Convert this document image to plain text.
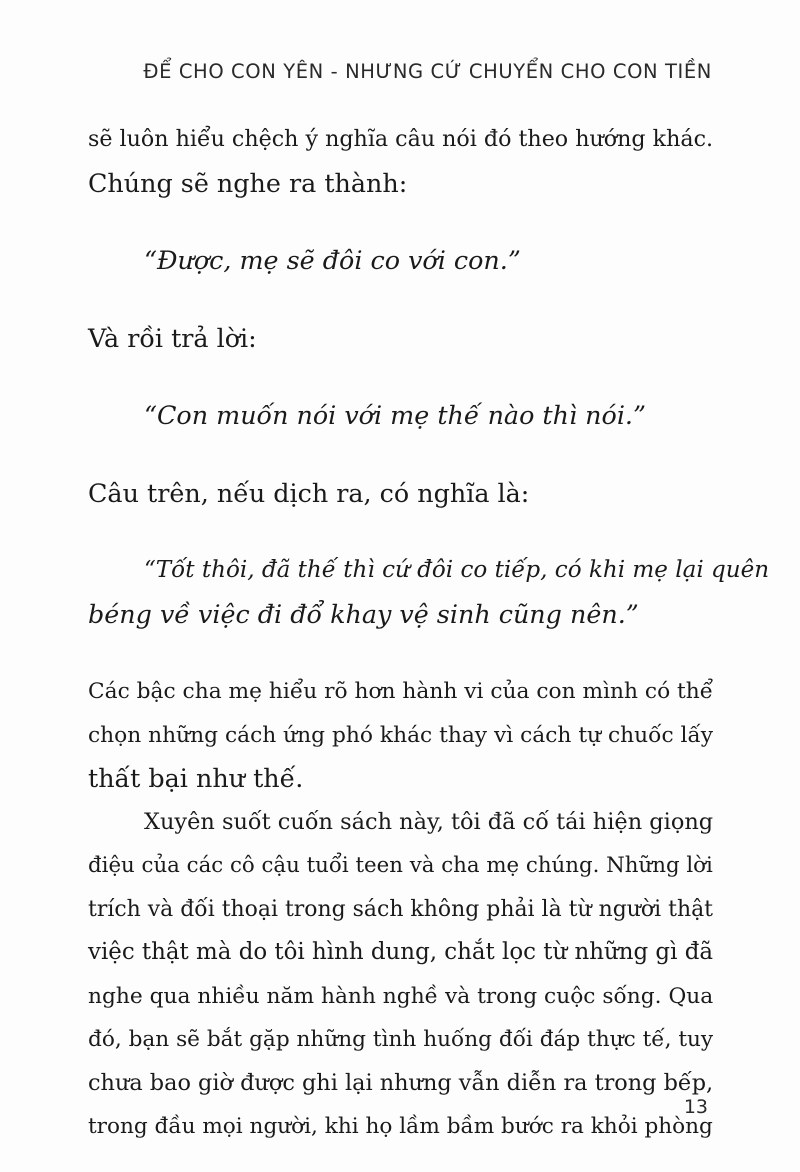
ĐỂ CHO CON YÊN - NHƯNG CỨ CHUYỂN CHO CON TIỀN
sẽ luôn hiểu chệch ý nghĩa câu nói đó theo hướng khác.
Chúng sẽ nghe ra thành:
“Được, mẹ sẽ đôi co với con.”
Và rồi trả lời:
“Con muốn nói với mẹ thế nào thì nói.”
Câu trên, nếu dịch ra, có nghĩa là:
“Tốt thôi, đã thế thì cứ đôi co tiếp, có khi mẹ lại quên
béng về việc đi đổ khay vệ sinh cũng nên.”
Các bậc cha mẹ hiểu rõ hơn hành vi của con mình có thể
chọn những cách ứng phó khác thay vì cách tự chuốc lấy
thất bại như thế.
Xuyên suốt cuốn sách này, tôi đã cố tái hiện giọng
điệu của các cô cậu tuổi teen và cha mẹ chúng. Những lời
trích và đối thoại trong sách không phải là từ người thật
việc thật mà do tôi hình dung, chắt lọc từ những gì đã
nghe qua nhiều năm hành nghề và trong cuộc sống. Qua
đó, bạn sẽ bắt gặp những tình huống đối đáp thực tế, tuy
chưa bao giờ được ghi lại nhưng vẫn diễn ra trong bếp,
trong đầu mọi người, khi họ lầm bầm bước ra khỏi phòng
13
